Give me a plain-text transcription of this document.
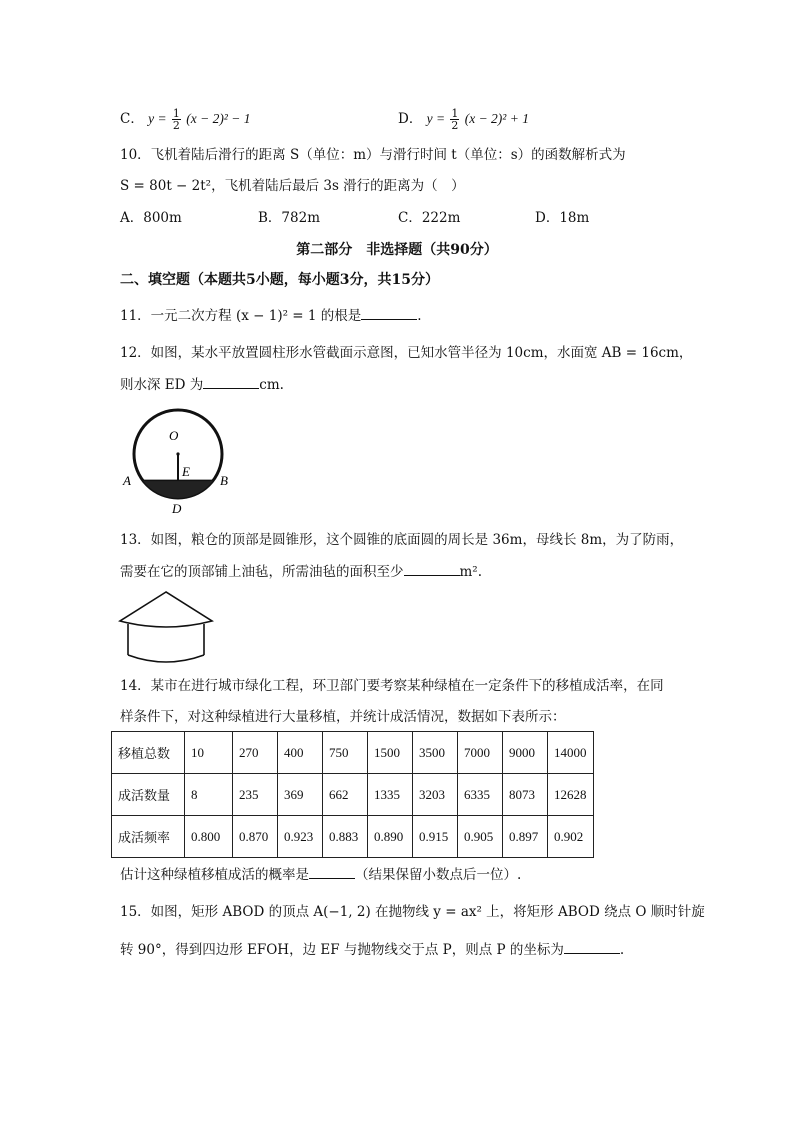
C． $y = \frac{1}{2} (x - 2)^2 - 1$	D． $y = \frac{1}{2} (x - 2)^2 + 1$
10．飞机着陆后滑行的距离 S（单位：m）与滑行时间 t（单位：s）的函数解析式为
S = 80t − 2t²，飞机着陆后最后 3s 滑行的距离为（　）
A．800m	B．782m	C．222m	D．18m
第二部分　非选择题（共90分）
二、填空题（本题共5小题，每小题3分，共15分）
11．一元二次方程 (x − 1)² = 1 的根是	.
12．如图，某水平放置圆柱形水管截面示意图，已知水管半径为 10cm，水面宽 AB = 16cm，
则水深 ED 为	cm.
O
E
A	B
D
13．如图，粮仓的顶部是圆锥形，这个圆锥的底面圆的周长是 36m，母线长 8m，为了防雨，
需要在它的顶部铺上油毡，所需油毡的面积至少	m².
14．某市在进行城市绿化工程，环卫部门要考察某种绿植在一定条件下的移植成活率，在同
样条件下，对这种绿植进行大量移植，并统计成活情况，数据如下表所示：
移植总数	10	270	400	750	1500	3500	7000	9000	14000
成活数量	8	235	369	662	1335	3203	6335	8073	12628
成活频率	0.800	0.870	0.923	0.883	0.890	0.915	0.905	0.897	0.902
估计这种绿植移植成活的概率是	（结果保留小数点后一位）.
15．如图，矩形 ABOD 的顶点 A(−1, 2) 在抛物线 y = ax² 上，将矩形 ABOD 绕点 O 顺时针旋
转 90°，得到四边形 EFOH，边 EF 与抛物线交于点 P，则点 P 的坐标为	.
